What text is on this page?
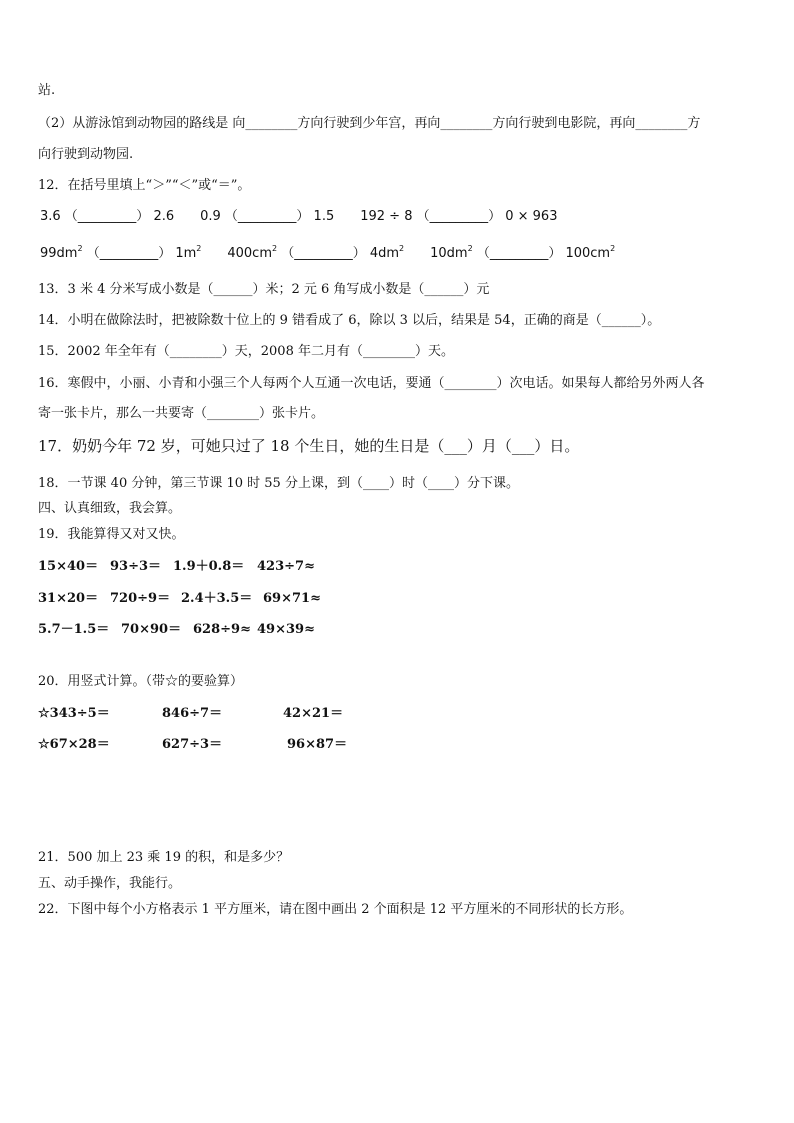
站.
（2）从游泳馆到动物园的路线是 向________方向行驶到少年宫，再向________方向行驶到电影院，再向________方
向行驶到动物园.
12．在括号里填上“＞”“＜”或“＝”。
3.6 （_________） 2.6　　0.9 （_________） 1.5　　192 ÷ 8 （_________） 0 × 963
$99dm^2$ （_________） $1m^2$　　$400cm^2$ （_________） $4dm^2$　　$10dm^2$ （_________） $100cm^2$
13．3 米 4 分米写成小数是（______）米；2 元 6 角写成小数是（______）元
14．小明在做除法时，把被除数十位上的 9 错看成了 6，除以 3 以后，结果是 54，正确的商是（______）。
15．2002 年全年有（________）天，2008 年二月有（________）天。
16．寒假中，小丽、小青和小强三个人每两个人互通一次电话，要通（________）次电话。如果每人都给另外两人各
寄一张卡片，那么一共要寄（________）张卡片。
17．奶奶今年 72 岁，可她只过了 18 个生日，她的生日是（___）月（___）日。
18．一节课 40 分钟，第三节课 10 时 55 分上课，到（____）时（____）分下课。
四、认真细致，我会算。
19．我能算得又对又快。
15×40＝ 93÷3＝ 1.9＋0.8＝ 423÷7≈
31×20＝ 720÷9＝ 2.4＋3.5＝ 69×71≈
5.7－1.5＝ 70×90＝ 628÷9≈ 49×39≈
20．用竖式计算。（带☆的要验算）
☆343÷5＝	846÷7＝	42×21＝
☆67×28＝	627÷3＝	96×87＝
21．500 加上 23 乘 19 的积，和是多少？
五、动手操作，我能行。
22．下图中每个小方格表示 1 平方厘米，请在图中画出 2 个面积是 12 平方厘米的不同形状的长方形。
